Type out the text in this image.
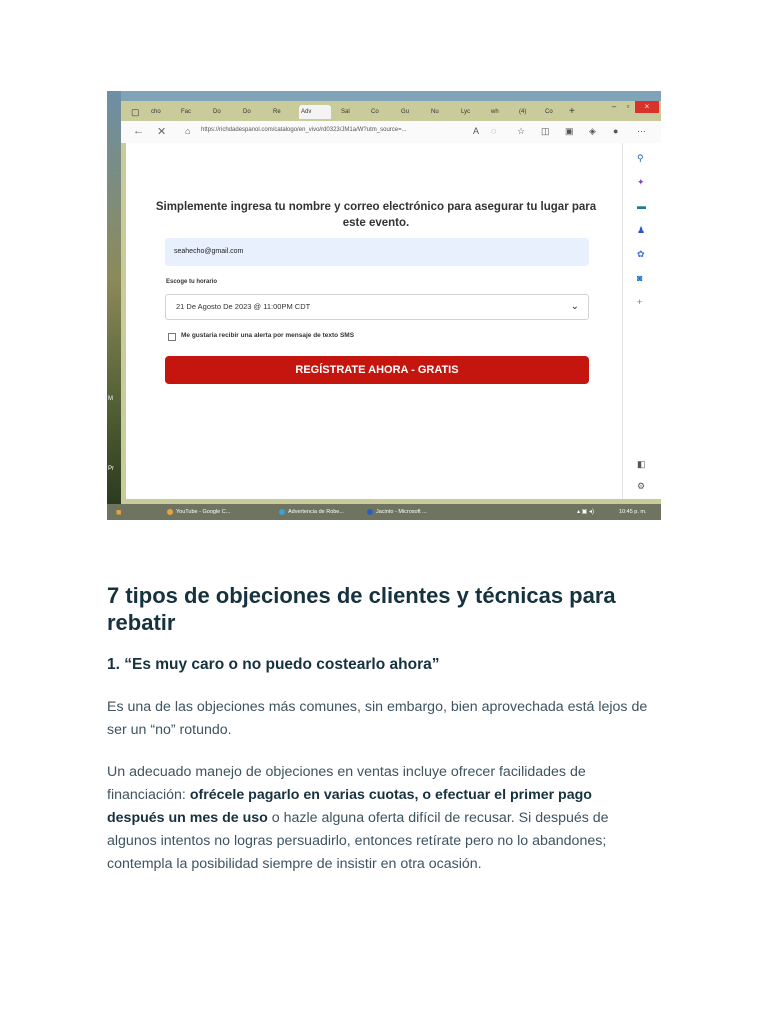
M
Pr
▢ cho	Fac	Do	Do	Re	Adv	Sal	Co	Gu	Nu	Lyc	wh	(4)	Co	+	–	▫	×
← ✕ ⌂ https://richdadespanol.com/catalogo/en_vivo/rd0323/JM1a/W?utm_source=...	A ◌ ☆ ◫ ▣ ◈ ● ⋯
Simplemente ingresa tu nombre y correo electrónico para asegurar tu lugar para este evento.
seahecho@gmail.com
Escoge tu horario
21 De Agosto De 2023 @ 11:00PM CDT	⌄
Me gustaria recibir una alerta por mensaje de texto SMS
REGÍSTRATE AHORA - GRATIS
⚲
✦
▬
♟
✿
◙
+
◧
⚙
■	YouTube - Google C...	Advertencia de Robe...	Jacinto - Microsoft ...	▴ ▣ ◂)	10:45 p. m.
7 tipos de objeciones de clientes y técnicas para rebatir
1. “Es muy caro o no puedo costearlo ahora”
Es una de las objeciones más comunes, sin embargo, bien aprovechada está lejos de ser un “no” rotundo.
Un adecuado manejo de objeciones en ventas incluye ofrecer facilidades de
financiación: ofrécele pagarlo en varias cuotas, o efectuar el primer pago
después un mes de uso o hazle alguna oferta difícil de recusar. Si después de
algunos intentos no logras persuadirlo, entonces retírate pero no lo abandones;
contempla la posibilidad siempre de insistir en otra ocasión.
